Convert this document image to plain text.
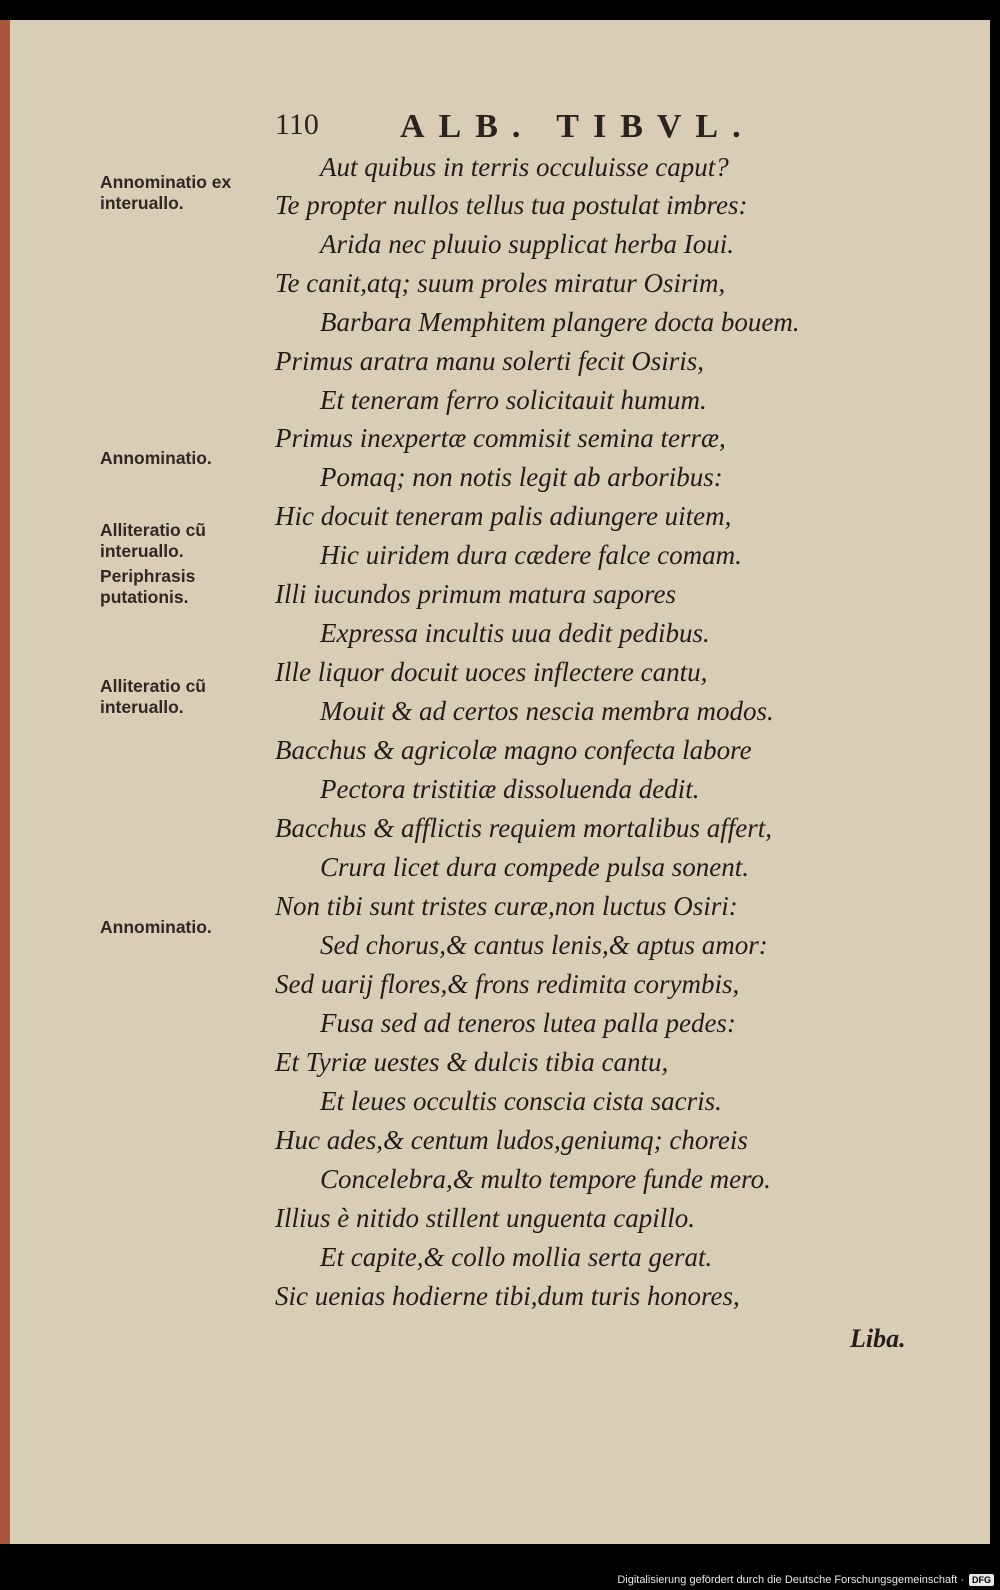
110 ALB. TIBVL.
Aut quibus in terris occuluisse caput?
Te propter nullos tellus tua postulat imbres:
Arida nec pluuio supplicat herba Ioui.
Te canit,atq; suum proles miratur Osirim,
Barbara Memphitem plangere docta bouem.
Primus aratra manu solerti fecit Osiris,
Et teneram ferro solicitauit humum.
Primus inexpertæ commisit semina terræ,
Pomaq; non notis legit ab arboribus:
Hic docuit teneram palis adiungere uitem,
Hic uiridem dura cædere falce comam.
Illi iucundos primum matura sapores
Expressa incultis uua dedit pedibus.
Ille liquor docuit uoces inflectere cantu,
Mouit & ad certos nescia membra modos.
Bacchus & agricolæ magno confecta labore
Pectora tristitiæ dissoluenda dedit.
Bacchus & afflictis requiem mortalibus affert,
Crura licet dura compede pulsa sonent.
Non tibi sunt tristes curæ,non luctus Osiri:
Sed chorus,& cantus lenis,& aptus amor:
Sed uarij flores,& frons redimita corymbis,
Fusa sed ad teneros lutea palla pedes:
Et Tyriæ uestes & dulcis tibia cantu,
Et leues occultis conscia cista sacris.
Huc ades,& centum ludos,geniumq; choreis
Concelebra,& multo tempore funde mero.
Illius è nitido stillent unguenta capillo.
Et capite,& collo mollia serta gerat.
Sic uenias hodierne tibi,dum turis honores,
Annominatio ex interuallo.
Annominatio.
Alliteratio cũ interuallo.
Periphrasis putationis.
Alliteratio cũ interuallo.
Annominatio.
Liba.
Digitalisierung gefördert durch die Deutsche Forschungsgemeinschaft · DFG
